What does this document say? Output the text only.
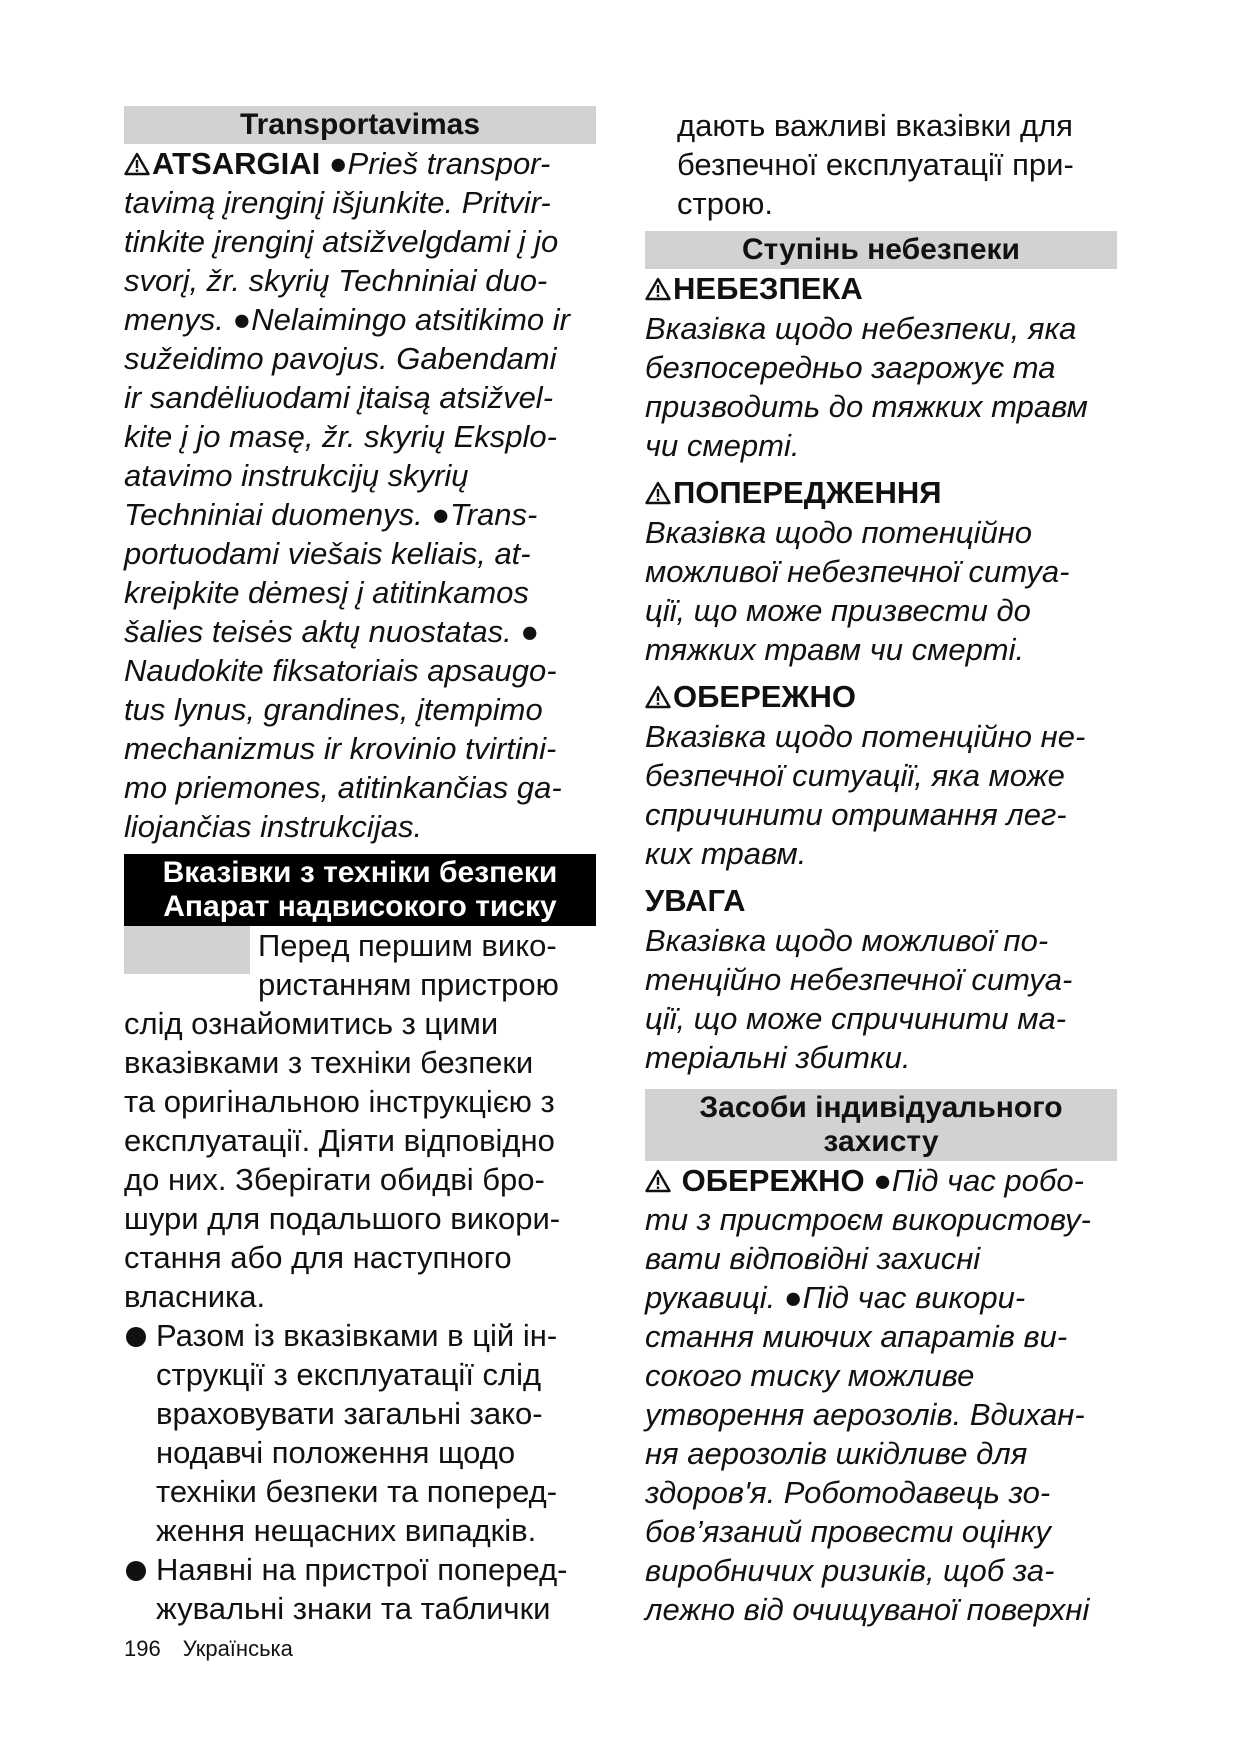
Transportavimas
ATSARGIAI ●Prieš transpor-
tavimą įrenginį išjunkite. Pritvir-
tinkite įrenginį atsižvelgdami į jo
svorį, žr. skyrių Techniniai duo-
menys. ●Nelaimingo atsitikimo ir
sužeidimo pavojus. Gabendami
ir sandėliuodami įtaisą atsižvel-
kite į jo masę, žr. skyrių Eksplo-
atavimo instrukcijų skyrių
Techniniai duomenys. ●Trans-
portuodami viešais keliais, at-
kreipkite dėmesį į atitinkamos
šalies teisės aktų nuostatas. ●
Naudokite fiksatoriais apsaugo-
tus lynus, grandines, įtempimo
mechanizmus ir krovinio tvirtini-
mo priemones, atitinkančias ga-
liojančias instrukcijas.
Вказівки з техніки безпеки
Апарат надвисокого тиску
Перед першим вико-
ристанням пристрою
слід ознайомитись з цими
вказівками з техніки безпеки
та оригінальною інструкцією з
експлуатації. Діяти відповідно
до них. Зберігати обидві бро-
шури для подальшого викори-
стання або для наступного
власника.
Разом із вказівками в цій ін-
струкції з експлуатації слід
враховувати загальні зако-
нодавчі положення щодо
техніки безпеки та поперед-
ження нещасних випадків.
Наявні на пристрої поперед-
жувальні знаки та таблички
дають важливі вказівки для
безпечної експлуатації при-
строю.
Ступінь небезпеки
НЕБЕЗПЕКА
Вказівка щодо небезпеки, яка
безпосередньо загрожує та
призводить до тяжких травм
чи смерті.
ПОПЕРЕДЖЕННЯ
Вказівка щодо потенційно
можливої небезпечної ситуа-
ції, що може призвести до
тяжких травм чи смерті.
ОБЕРЕЖНО
Вказівка щодо потенційно не-
безпечної ситуації, яка може
спричинити отримання лег-
ких травм.
УВАГА
Вказівка щодо можливої по-
тенційно небезпечної ситуа-
ції, що може спричинити ма-
теріальні збитки.
Засоби індивідуального
захисту
ОБЕРЕЖНО ●Під час робо-
ти з пристроєм використову-
вати відповідні захисні
рукавиці. ●Під час викори-
стання миючих апаратів ви-
сокого тиску можливе
утворення аерозолів. Вдихан-
ня аерозолів шкідливе для
здоров'я. Роботодавець зо-
бов’язаний провести оцінку
виробничих ризиків, щоб за-
лежно від очищуваної поверхні
196 Українська
